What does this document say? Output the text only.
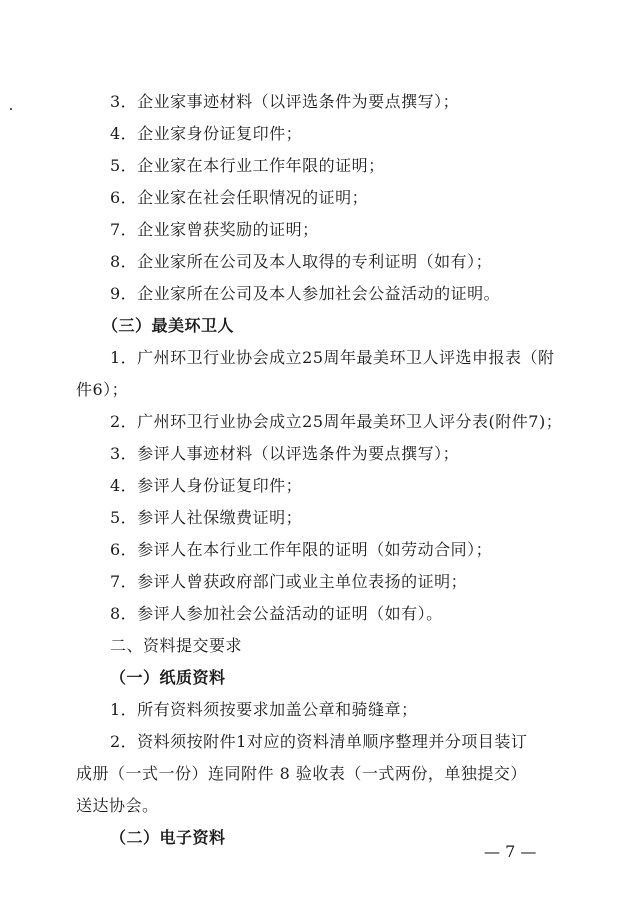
3．企业家事迹材料（以评选条件为要点撰写）；
4．企业家身份证复印件；
5．企业家在本行业工作年限的证明；
6．企业家在社会任职情况的证明；
7．企业家曾获奖励的证明；
8．企业家所在公司及本人取得的专利证明（如有）；
9．企业家所在公司及本人参加社会公益活动的证明。
（三）最美环卫人
1．广州环卫行业协会成立25周年最美环卫人评选申报表（附
件6）；
2．广州环卫行业协会成立25周年最美环卫人评分表(附件7)；
3．参评人事迹材料（以评选条件为要点撰写）；
4．参评人身份证复印件；
5．参评人社保缴费证明；
6．参评人在本行业工作年限的证明（如劳动合同）；
7．参评人曾获政府部门或业主单位表扬的证明；
8．参评人参加社会公益活动的证明（如有）。
二、资料提交要求
（一）纸质资料
1．所有资料须按要求加盖公章和骑缝章；
2．资料须按附件1对应的资料清单顺序整理并分项目装订
成册（一式一份）连同附件 8 验收表（一式两份，单独提交）
送达协会。
（二）电子资料
— 7 —
